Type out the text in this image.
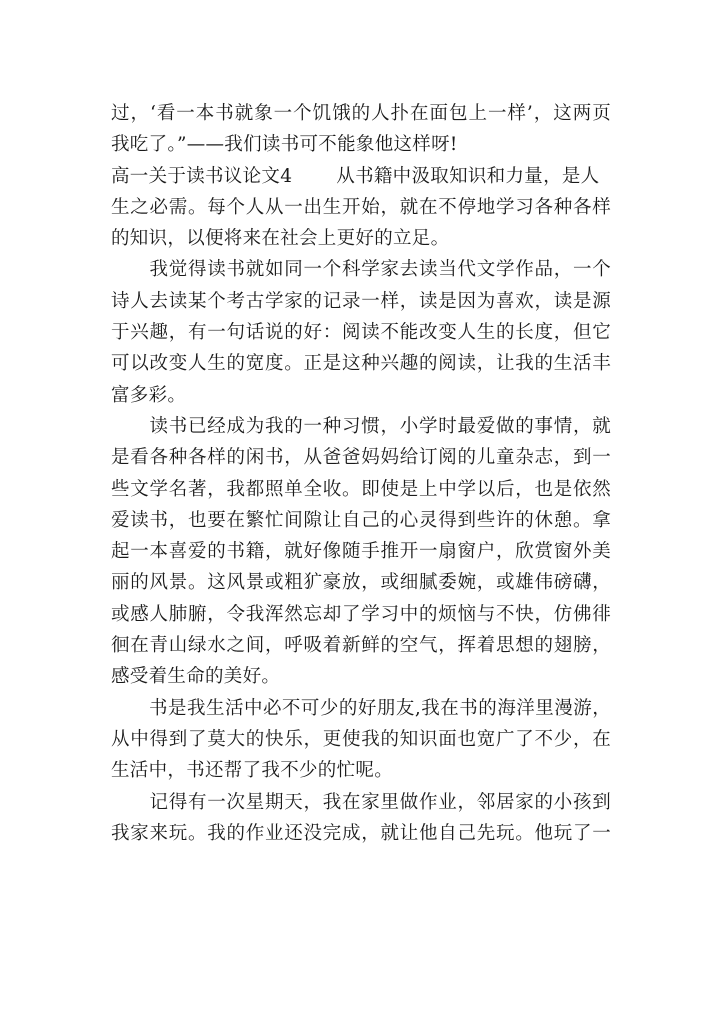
过，‘看一本书就象一个饥饿的人扑在面包上一样’，这两页
我吃了。”——我们读书可不能象他这样呀!
高一关于读书议论文4 从书籍中汲取知识和力量，是人
生之必需。每个人从一出生开始，就在不停地学习各种各样
的知识，以便将来在社会上更好的立足。
　　我觉得读书就如同一个科学家去读当代文学作品，一个
诗人去读某个考古学家的记录一样，读是因为喜欢，读是源
于兴趣，有一句话说的好：阅读不能改变人生的长度，但它
可以改变人生的宽度。正是这种兴趣的阅读，让我的生活丰
富多彩。
　　读书已经成为我的一种习惯，小学时最爱做的事情，就
是看各种各样的闲书，从爸爸妈妈给订阅的儿童杂志，到一
些文学名著，我都照单全收。即使是上中学以后，也是依然
爱读书，也要在繁忙间隙让自己的心灵得到些许的休憩。拿
起一本喜爱的书籍，就好像随手推开一扇窗户，欣赏窗外美
丽的风景。这风景或粗犷豪放，或细腻委婉，或雄伟磅礴，
或感人肺腑，令我浑然忘却了学习中的烦恼与不快，仿佛徘
徊在青山绿水之间，呼吸着新鲜的空气，挥着思想的翅膀，
感受着生命的美好。
　　书是我生活中必不可少的好朋友,我在书的海洋里漫游，
从中得到了莫大的快乐，更使我的知识面也宽广了不少，在
生活中，书还帮了我不少的忙呢。
　　记得有一次星期天，我在家里做作业，邻居家的小孩到
我家来玩。我的作业还没完成，就让他自己先玩。他玩了一
